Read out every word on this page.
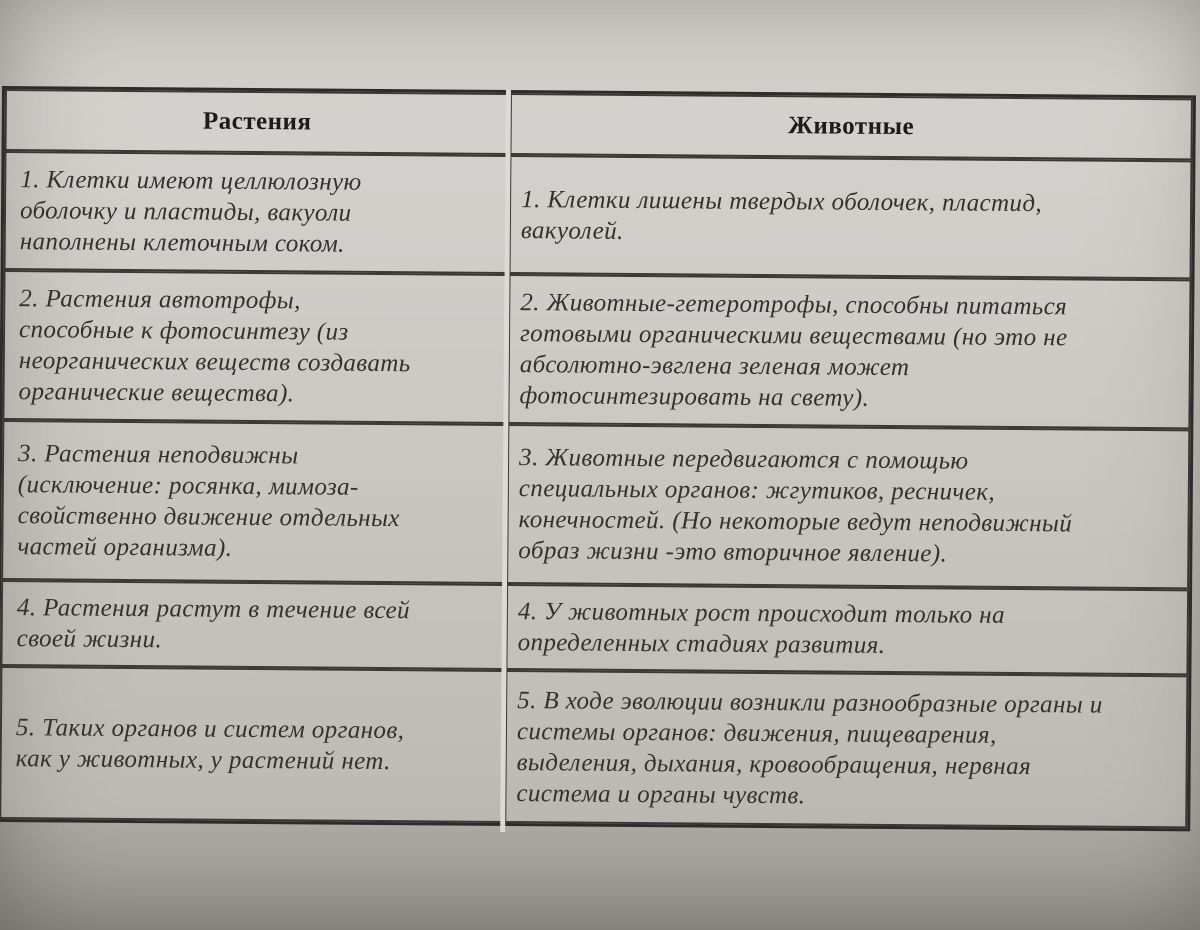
Растения	Животные

1. Клетки имеют целлюлозную
оболочку и пластиды, вакуоли
наполнены клеточным соком.	1. Клетки лишены твердых оболочек, пластид,
вакуолей.

2. Растения автотрофы,
способные к фотосинтезу (из
неорганических веществ создавать
органические вещества).	2. Животные-гетеротрофы, способны питаться
готовыми органическими веществами (но это не
абсолютно-эвглена зеленая может
фотосинтезировать на свету).

3. Растения неподвижны
(исключение: росянка, мимоза-
свойственно движение отдельных
частей организма).	3. Животные передвигаются с помощью
специальных органов: жгутиков, ресничек,
конечностей. (Но некоторые ведут неподвижный
образ жизни -это вторичное явление).

4. Растения растут в течение всей
своей жизни.	4. У животных рост происходит только на
определенных стадиях развития.

5. Таких органов и систем органов,
как у животных, у растений нет.	5. В ходе эволюции возникли разнообразные органы и
системы органов: движения, пищеварения,
выделения, дыхания, кровообращения, нервная
система и органы чувств.
